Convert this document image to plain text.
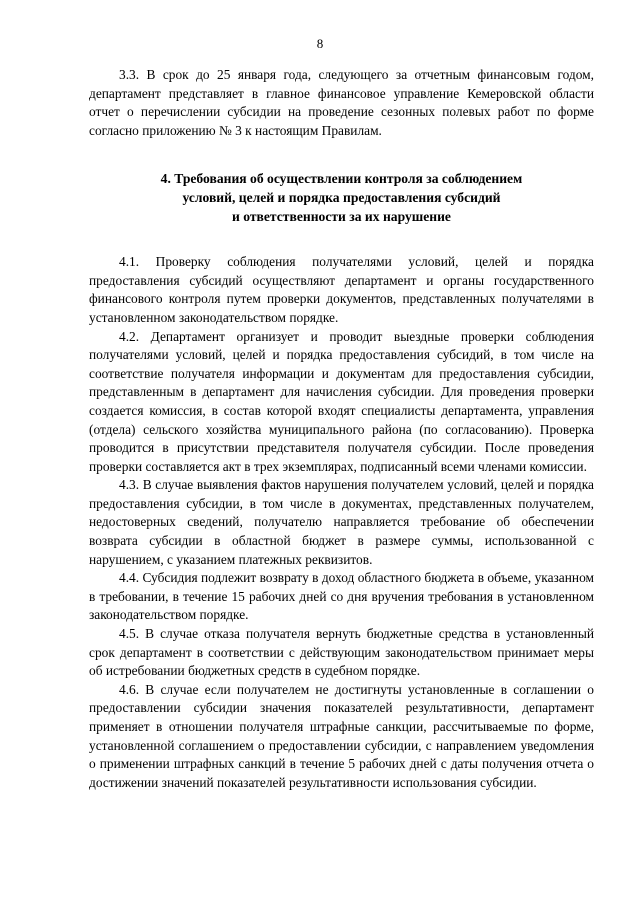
8

3.3. В срок до 25 января года, следующего за отчетным финансовым годом, департамент представляет в главное финансовое управление Кемеровской области отчет о перечислении субсидии на проведение сезонных полевых работ по форме согласно приложению № 3 к настоящим Правилам.

4. Требования об осуществлении контроля за соблюдением
условий, целей и порядка предоставления субсидий
и ответственности за их нарушение

4.1. Проверку соблюдения получателями условий, целей и порядка предоставления субсидий осуществляют департамент и органы государственного финансового контроля путем проверки документов, представленных получателями в установленном законодательством порядке.

4.2. Департамент организует и проводит выездные проверки соблюдения получателями условий, целей и порядка предоставления субсидий, в том числе на соответствие получателя информации и документам для предоставления субсидии, представленным в департамент для начисления субсидии. Для проведения проверки создается комиссия, в состав которой входят специалисты департамента, управления (отдела) сельского хозяйства муниципального района (по согласованию). Проверка проводится в присутствии представителя получателя субсидии. После проведения проверки составляется акт в трех экземплярах, подписанный всеми членами комиссии.

4.3. В случае выявления фактов нарушения получателем условий, целей и порядка предоставления субсидии, в том числе в документах, представленных получателем, недостоверных сведений, получателю направляется требование об обеспечении возврата субсидии в областной бюджет в размере суммы, использованной с нарушением, с указанием платежных реквизитов.

4.4. Субсидия подлежит возврату в доход областного бюджета в объеме, указанном в требовании, в течение 15 рабочих дней со дня вручения требования в установленном законодательством порядке.

4.5. В случае отказа получателя вернуть бюджетные средства в установленный срок департамент в соответствии с действующим законодательством принимает меры об истребовании бюджетных средств в судебном порядке.

4.6. В случае если получателем не достигнуты установленные в соглашении о предоставлении субсидии значения показателей результативности, департамент применяет в отношении получателя штрафные санкции, рассчитываемые по форме, установленной соглашением о предоставлении субсидии, с направлением уведомления о применении штрафных санкций в течение 5 рабочих дней с даты получения отчета о достижении значений показателей результативности использования субсидии.
